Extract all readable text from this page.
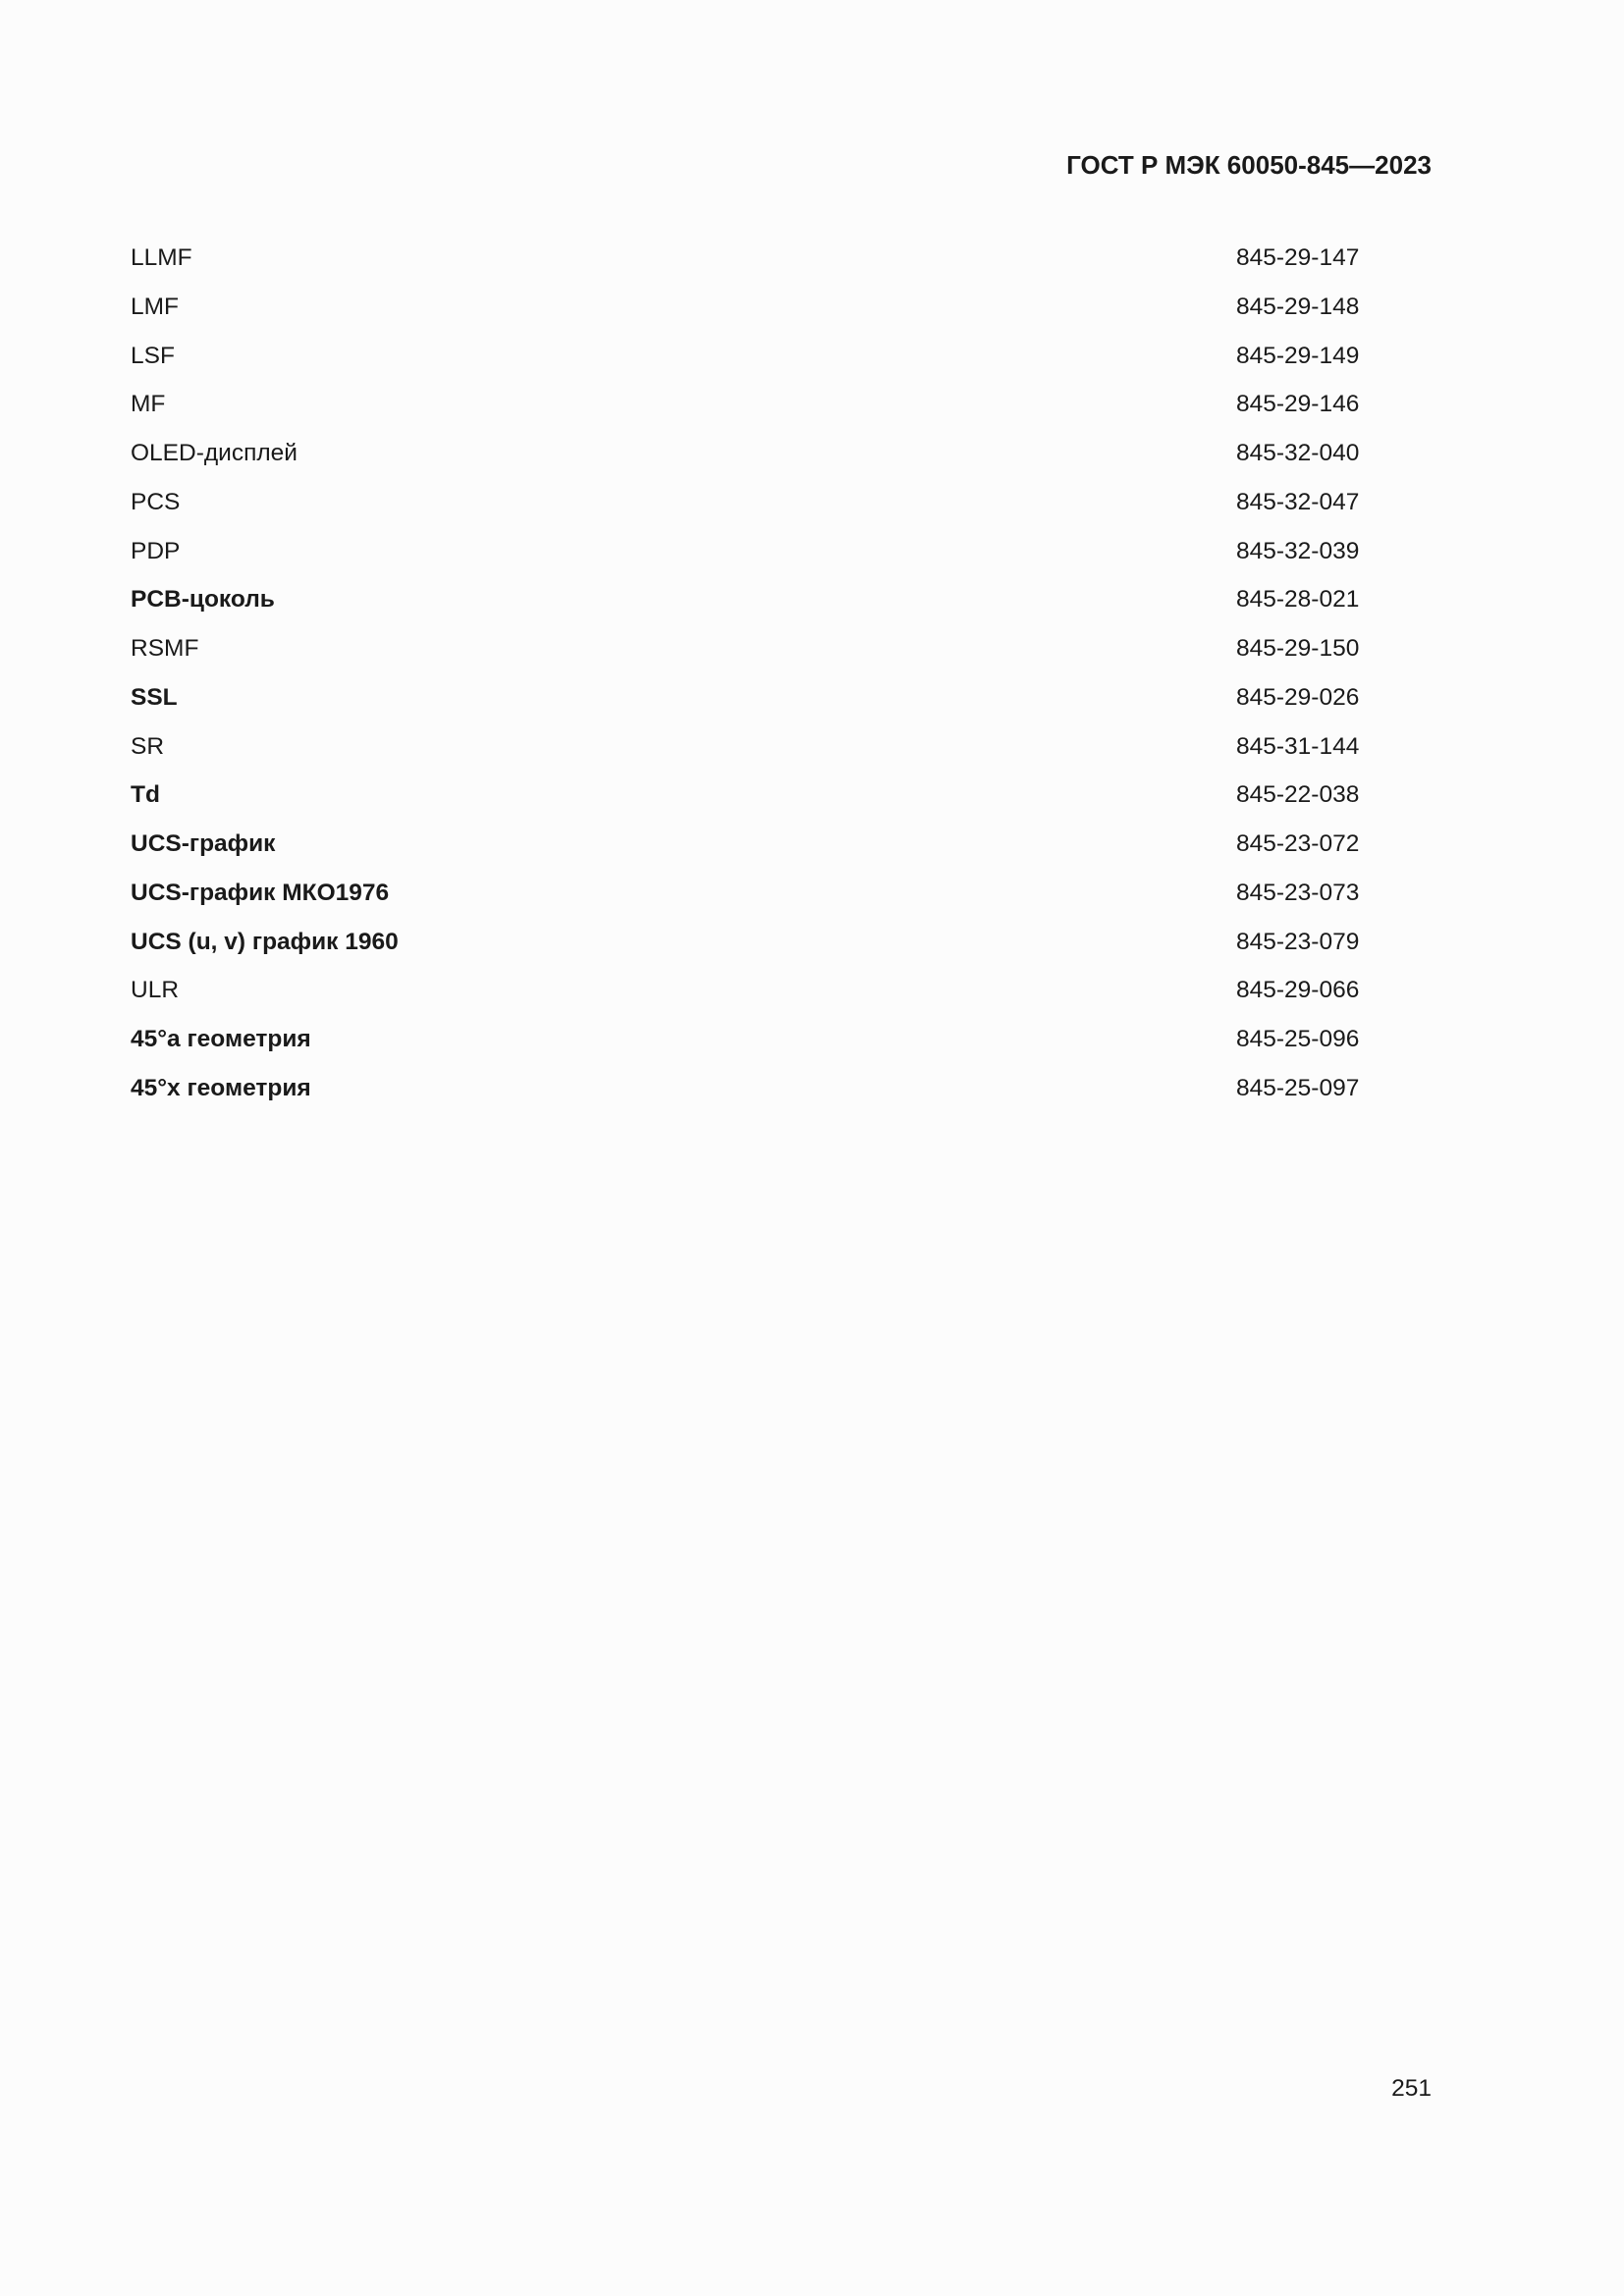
ГОСТ Р МЭК 60050-845—2023
LLMF	845-29-147
LMF	845-29-148
LSF	845-29-149
MF	845-29-146
OLED-дисплей	845-32-040
PCS	845-32-047
PDP	845-32-039
PCB-цоколь	845-28-021
RSMF	845-29-150
SSL	845-29-026
SR	845-31-144
Td	845-22-038
UCS-график	845-23-072
UCS-график МКО1976	845-23-073
UCS (u, v) график 1960	845-23-079
ULR	845-29-066
45°a геометрия	845-25-096
45°x геометрия	845-25-097
251
